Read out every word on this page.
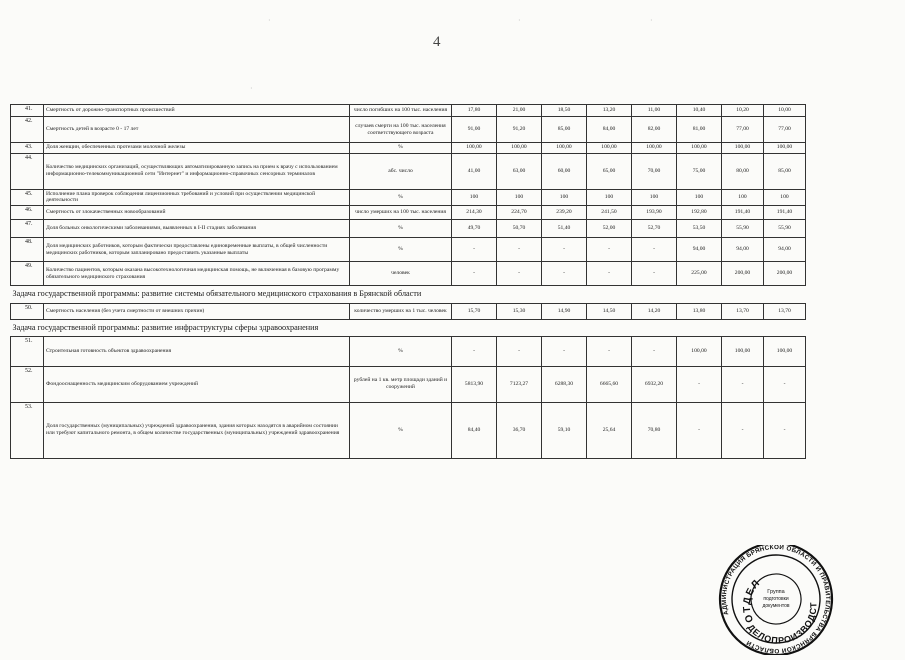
4
·	·	·
·
41.	Смертность от дорожно-транспортных происшествий	число погибших на 100 тыс. населения	17,80	21,00	18,50	13,20	11,00	10,40	10,20	10,00
42.	Смертность детей в возрасте 0 - 17 лет	случаев смерти на 100 тыс. населения соответствующего возраста	91,00	91,20	85,00	84,00	82,00	81,00	77,00	77,00
43.	Доля женщин, обеспеченных протезами молочной железы	%	100,00	100,00	100,00	100,00	100,00	100,00	100,00	100,00
44.	Количество медицинских организаций, осуществляющих автоматизированную запись на прием к врачу с использованием информационно-телекоммуникационной сети "Интернет" и информационно-справочных сенсорных терминалов	абс. число	41,00	63,00	60,00	65,00	70,00	75,00	80,00	85,00
45.	Исполнение плана проверок соблюдения лицензионных требований и условий при осуществлении медицинской деятельности	%	100	100	100	100	100	100	100	100
46.	Смертность от злокачественных новообразований	число умерших на 100 тыс. населения	214,30	224,70	239,20	241,50	193,90	192,80	191,40	191,40
47.	Доля больных онкологическими заболеваниями, выявленных в I-II стадиях заболевания	%	49,70	50,70	51,40	52,00	52,70	53,50	55,90	55,90
48.	Доля медицинских работников, которым фактически предоставлены единовременные выплаты, в общей численности медицинских работников, которым запланировано предоставить указанные выплаты	%	-	-	-	-	-	94,00	94,00	94,00
49.	Количество пациентов, которым оказана высокотехнологичная медицинская помощь, не включенная в базовую программу обязательного медицинского страхования	человек	-	-	-	-	-	225,00	200,00	200,00
Задача государственной программы: развитие системы обязательного медицинского страхования в Брянской области										
50.	Смертность населения (без учета смертности от внешних причин)	количество умерших на 1 тыс. человек	15,70	15,30	14,90	14,50	14,20	13,80	13,70	13,70
Задача государственной программы: развитие инфраструктуры сферы здравоохранения										
51.	Строительная готовность объектов здравоохранения	%	-	-	-	-	-	100,00	100,00	100,00
52.	Фондооснащенность медицинским оборудованием учреждений	рублей на 1 кв. метр площади зданий и сооружений	5813,90	7123,27	6288,30	6665,60	6932,20	-	-	-
53.	Доля государственных (муниципальных) учреждений здравоохранения, здания которых находятся в аварийном состоянии или требуют капитального ремонта, в общем количестве государственных (муниципальных) учреждений здравоохранения	%	84,40	36,70	59,10	25,64	70,80	-	-	-
АДМИНИСТРАЦИЯ БРЯНСКОЙ ОБЛАСТИ И ПРАВИТЕЛЬСТВА БРЯНСКОЙ ОБЛАСТИ
ОТДЕЛ
ДЕЛОПРОИЗВОДСТВА
Группа
подготовки
документов
